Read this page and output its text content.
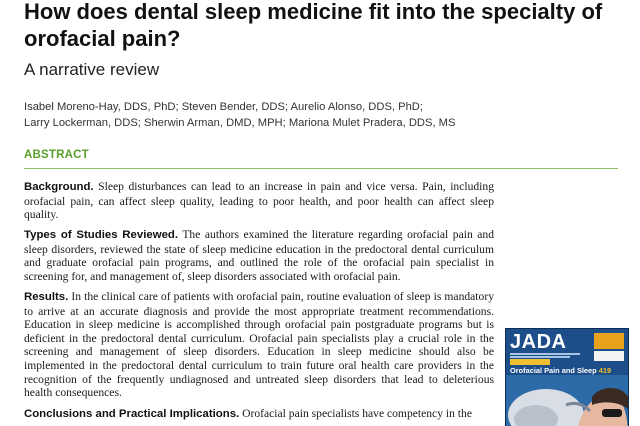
How does dental sleep medicine fit into the specialty of orofacial pain?
A narrative review
Isabel Moreno-Hay, DDS, PhD; Steven Bender, DDS; Aurelio Alonso, DDS, PhD;
Larry Lockerman, DDS; Sherwin Arman, DMD, MPH; Mariona Mulet Pradera, DDS, MS
ABSTRACT
Background. Sleep disturbances can lead to an increase in pain and vice versa. Pain, including orofacial pain, can affect sleep quality, leading to poor health, and poor health can affect sleep quality.
Types of Studies Reviewed. The authors examined the literature regarding orofacial pain and sleep disorders, reviewed the state of sleep medicine education in the predoctoral dental curriculum and graduate orofacial pain programs, and outlined the role of the orofacial pain specialist in screening for, and management of, sleep disorders associated with orofacial pain.
Results. In the clinical care of patients with orofacial pain, routine evaluation of sleep is mandatory to arrive at an accurate diagnosis and provide the most appropriate treatment recommendations. Education in sleep medicine is accomplished through orofacial pain postgraduate programs but is deficient in the predoctoral dental curriculum. Orofacial pain specialists play a crucial role in the screening and management of sleep disorders. Education in sleep medicine should also be implemented in the predoctoral dental curriculum to train future oral health care providers in the recognition of the frequently undiagnosed and untreated sleep disorders that lead to deleterious health consequences.
Conclusions and Practical Implications. Orofacial pain specialists have competency in the
JADA
Orofacial Pain and Sleep 419
